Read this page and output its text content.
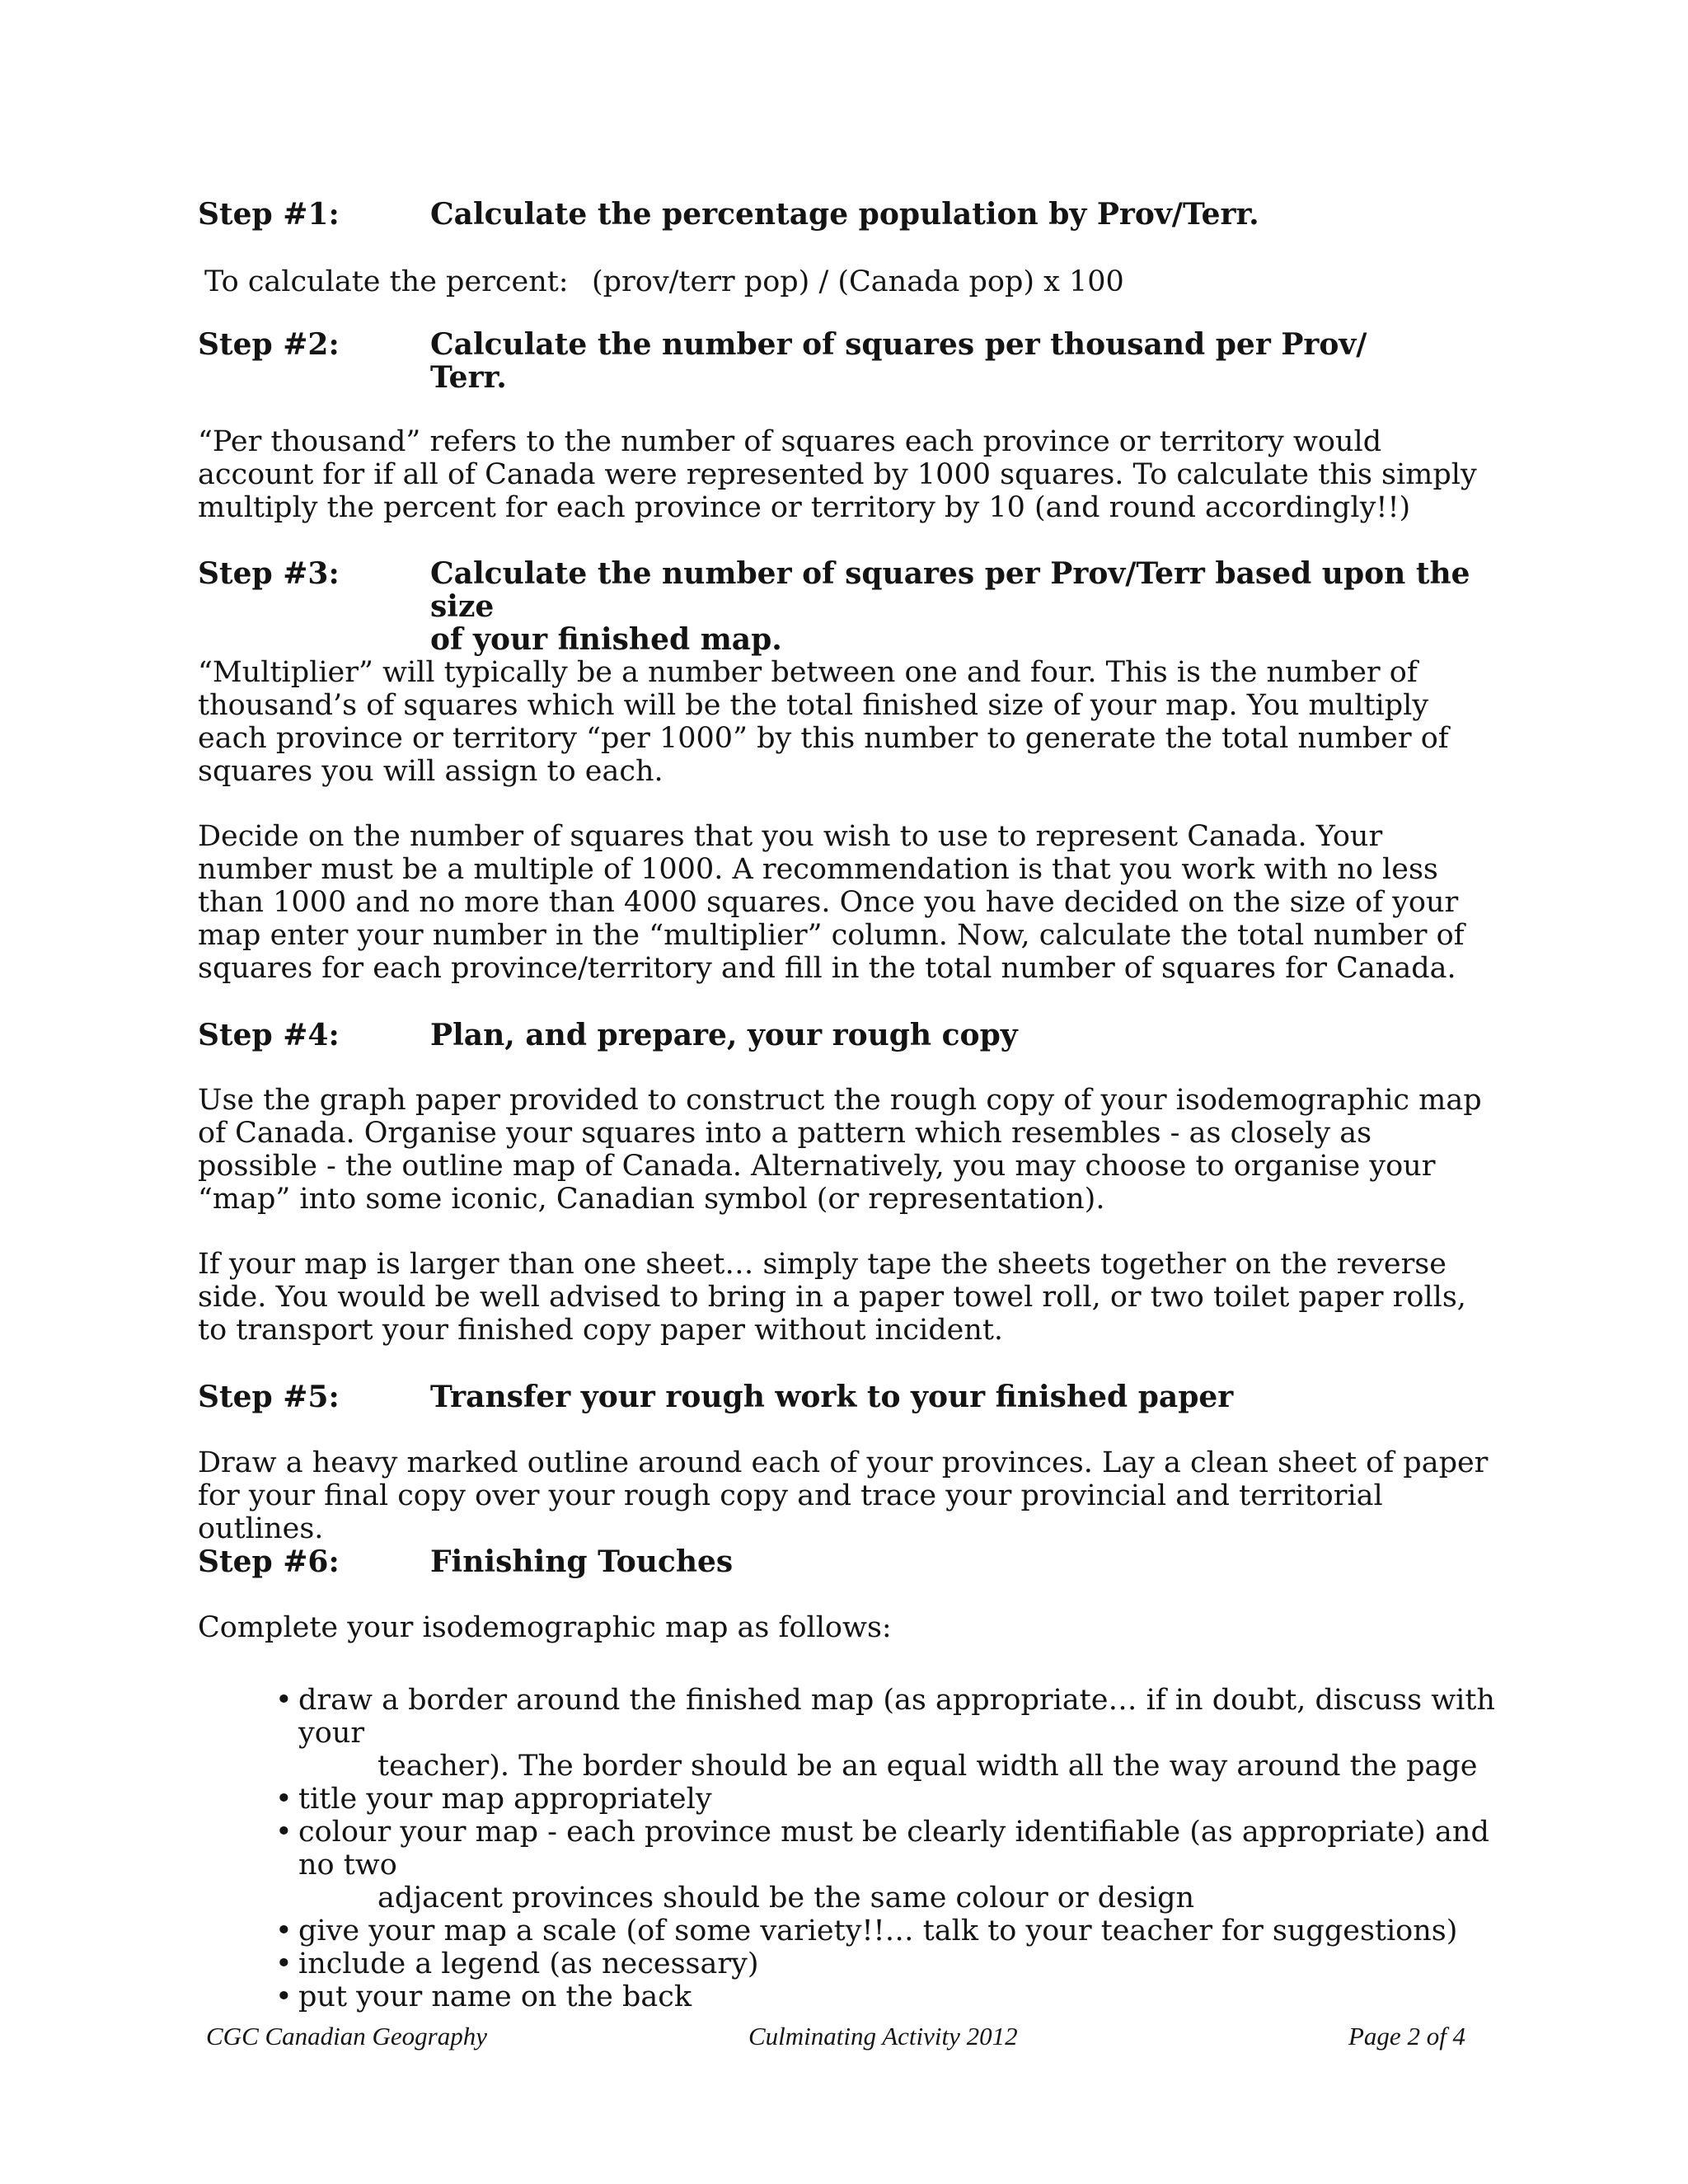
Step #1:	Calculate the percentage population by Prov/Terr.
To calculate the percent: (prov/terr pop) / (Canada pop) x 100
Step #2:	Calculate the number of squares per thousand per Prov/
Terr.

“Per thousand” refers to the number of squares each province or territory would account for if all of Canada were represented by 1000 squares. To calculate this simply multiply the percent for each province or territory by 10 (and round accordingly!!)

Step #3:	Calculate the number of squares per Prov/Terr based upon the size
of your finished map.

“Multiplier” will typically be a number between one and four. This is the number of thousand’s of squares which will be the total finished size of your map. You multiply each province or territory “per 1000” by this number to generate the total number of squares you will assign to each.

Decide on the number of squares that you wish to use to represent Canada. Your number must be a multiple of 1000. A recommendation is that you work with no less than 1000 and no more than 4000 squares. Once you have decided on the size of your map enter your number in the “multiplier” column. Now, calculate the total number of squares for each province/territory and fill in the total number of squares for Canada.

Step #4:	Plan, and prepare, your rough copy

Use the graph paper provided to construct the rough copy of your isodemographic map of Canada. Organise your squares into a pattern which resembles - as closely as possible - the outline map of Canada. Alternatively, you may choose to organise your “map” into some iconic, Canadian symbol (or representation).

If your map is larger than one sheet… simply tape the sheets together on the reverse side. You would be well advised to bring in a paper towel roll, or two toilet paper rolls, to transport your finished copy paper without incident.

Step #5:	Transfer your rough work to your finished paper

Draw a heavy marked outline around each of your provinces. Lay a clean sheet of paper for your final copy over your rough copy and trace your provincial and territorial outlines.

Step #6:	Finishing Touches

Complete your isodemographic map as follows:

• draw a border around the finished map (as appropriate… if in doubt, discuss with your
teacher). The border should be an equal width all the way around the page
• title your map appropriately
• colour your map - each province must be clearly identifiable (as appropriate) and no two
adjacent provinces should be the same colour or design
• give your map a scale (of some variety!!… talk to your teacher for suggestions)
• include a legend (as necessary)
• put your name on the back
CGC Canadian Geography	Culminating Activity 2012	Page 2 of 4
